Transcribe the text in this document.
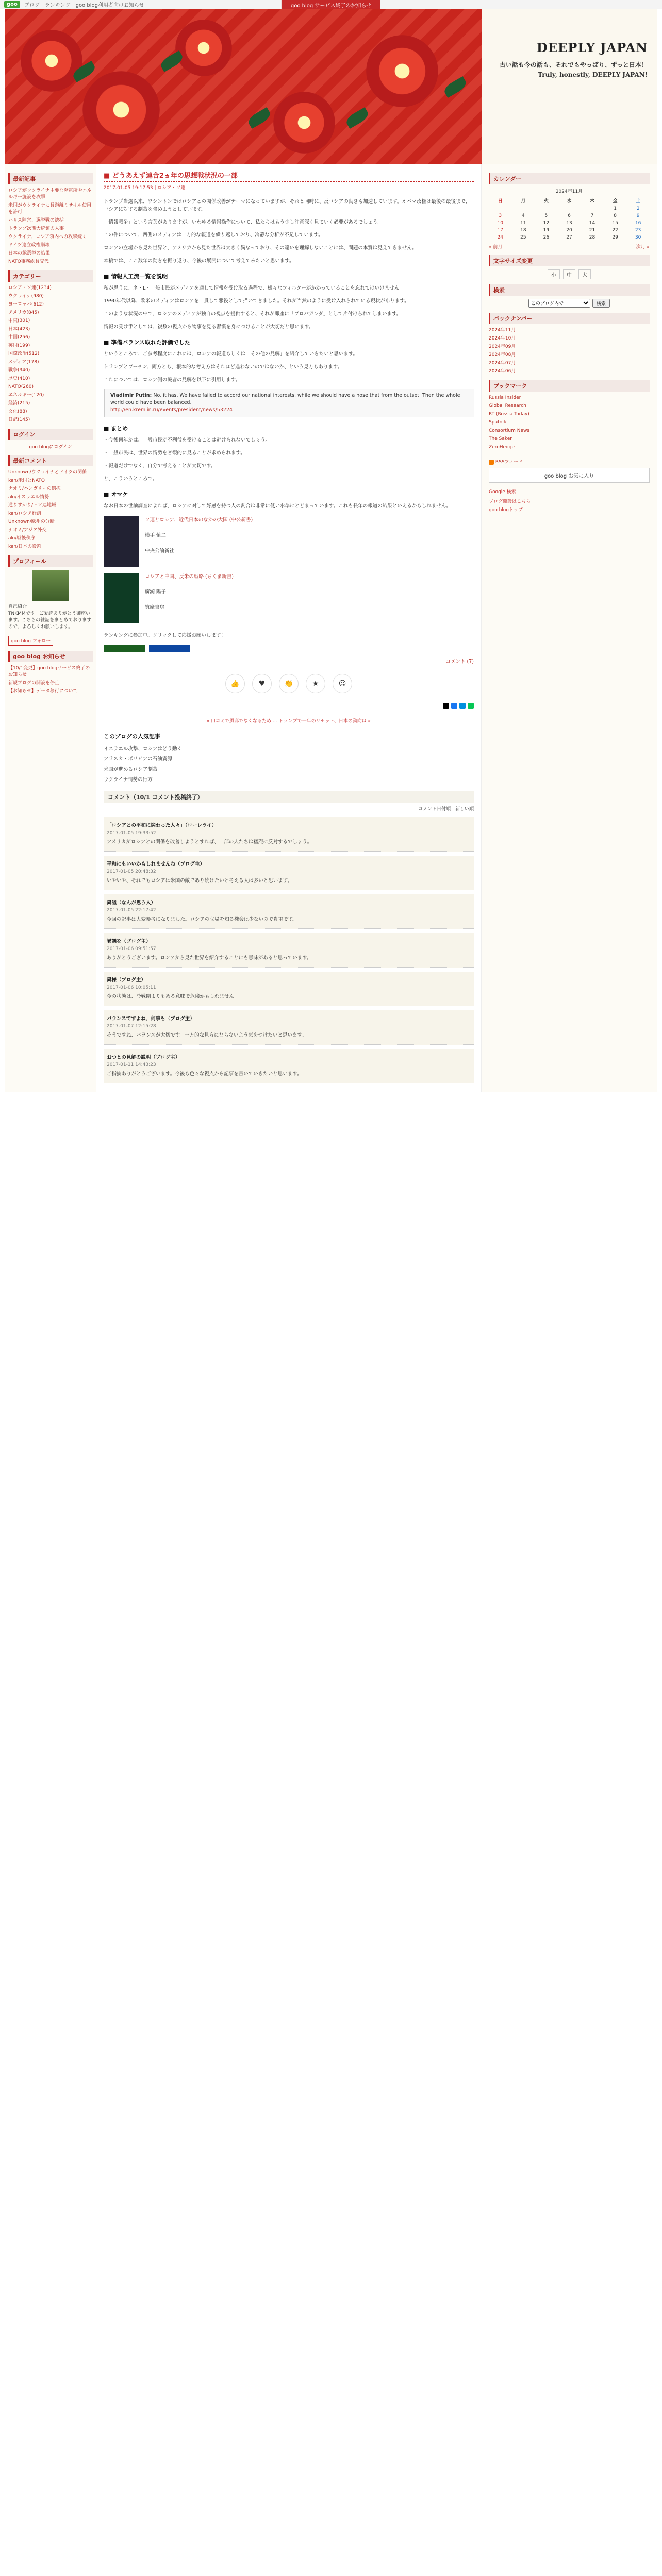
goo	ブログ　ランキング　goo blog利用者向けお知らせ	goo blog サービス終了のお知らせ
DEEPLY JAPAN

古い話も今の話も、それでもやっぱり、ずっと日本！

Truly, honestly, DEEPLY JAPAN!

最新記事
ロシアがウクライナ主要な発電所やエネルギー施設を攻撃
米国がウクライナに長距離ミサイル使用を許可
ハリス陣営、選挙戦の総括
トランプ次期大統領の人事
ウクライナ、ロシア領内への攻撃続く
ドイツ連立政権崩壊
日本の総選挙の結果
NATO事務総長交代
カテゴリー
ロシア・ソ連(1234)
ウクライナ(980)
ヨーロッパ(612)
アメリカ(845)
中東(301)
日本(423)
中国(256)
英国(199)
国際政治(512)
メディア(178)
戦争(340)
歴史(410)
NATO(260)
エネルギー(120)
経済(215)
文化(88)
日記(145)
ログイン
goo blogにログイン
最新コメント
Unknown/ウクライナとドイツの関係
ken/米国とNATO
ナオミ/ハンガリーの選択
aki/イスラエル情勢
通りすがり/旧ソ連地域
ken/ロシア経済
Unknown/欧州の分断
ナオミ/アジア外交
aki/戦後秩序
ken/日本の役割
プロフィール

自己紹介
TNKMMです。ご愛読ありがとう御座います。こちらの雑誌をまとめておりますので、よろしくお願いします。

goo blog フォロー
goo blog お知らせ
【10/1変更】goo blogサービス終了のお知らせ
新規ブログの開設を停止
【お知らせ】データ移行について
■ どうあえず連合2ヵ年の思想戦状況の一部
2017-01-05 19:17:53 | ロシア・ソ連

トランプ当選以来、ワシントンではロシアとの関係改善がテーマになっていますが、それと同時に、反ロシアの動きも加速しています。オバマ政権は最後の最後まで、ロシアに対する制裁を強めようとしています。

「情報戦争」という言葉がありますが、いわゆる情報操作について、私たちはもう少し注意深く見ていく必要があるでしょう。

この件について、西側のメディアは一方的な報道を繰り返しており、冷静な分析が不足しています。

ロシアの立場から見た世界と、アメリカから見た世界は大きく異なっており、その違いを理解しないことには、問題の本質は見えてきません。

本稿では、ここ数年の動きを振り返り、今後の展開について考えてみたいと思います。

■ 情報人工流一覧を説明

私が思うに、ネ・L・一般市民がメディアを通して情報を受け取る過程で、様々なフィルターがかかっていることを忘れてはいけません。

1990年代以降、欧米のメディアはロシアを一貫して悪役として描いてきました。それが当然のように受け入れられている現状があります。

このような状況の中で、ロシアのメディアが独自の視点を提供すると、それが即座に「プロパガンダ」として片付けられてしまいます。

情報の受け手としては、複数の視点から物事を見る習慣を身につけることが大切だと思います。

■ 準備バランス取れた評価でした

というところで、ご参考程度にこれには、ロシアの報道もしくは「その他の見解」を紹介していきたいと思います。

トランプとプーチン、両方とも、根本的な考え方はそれほど違わないのではないか、という見方もあります。

これについては、ロシア側の識者の見解を以下に引用します。

Vladimir Putin: No, it has. We have failed to accord our national interests, while we should have a nose that from the outset. Then the whole world could have been balanced.
http://en.kremlin.ru/events/president/news/53224
■ まとめ

・今後何年かは、一般市民が不利益を受けることは避けられないでしょう。

・一般市民は、世界の情勢を客観的に見ることが求められます。

・報道だけでなく、自分で考えることが大切です。

と、こういうところで。

■ オマケ

なお日本の世論調査によれば、ロシアに対して好感を持つ人の割合は非常に低い水準にとどまっています。これも長年の報道の結果といえるかもしれません。

ソ連とロシア、近代日本のなかの大国 (中公新書)

横手 慎二

中央公論新社
ロシアと中国、反米の戦略 (ちくま新書)

廣瀬 陽子

筑摩書房

ランキングに参加中。クリックして応援お願いします！

コメント (7)
👍	♥	👏	★	☺

« 口コミで風邪でなくなるため ... トランプで一年のリセット、日本の動向は »

このブログの人気記事
イスラエル攻撃、ロシアはどう動く
アラスカ・ボリビアの石油資源
米国が進めるロシア制裁
ウクライナ情勢の行方
コメント（10/1 コメント投稿終了）
コメント日付順　新しい順
「ロシアとの平和に関わった人々」（ローレライ）
2017-01-05 19:33:52
アメリカがロシアとの関係を改善しようとすれば、一部の人たちは猛烈に反対するでしょう。
平和にもいいかもしれませんね（ブログ主）
2017-01-05 20:48:32
いやいや、それでもロシアは米国の敵であり続けたいと考える人は多いと思います。
異議（なんが思う人）
2017-01-05 22:17:42
今回の記事は大変参考になりました。ロシアの立場を知る機会は少ないので貴重です。
異議を（ブログ主）
2017-01-06 09:51:57
ありがとうございます。ロシアから見た世界を紹介することにも意味があると思っています。
異様（ブログ主）
2017-01-06 10:05:11
今の状態は、冷戦期よりもある意味で危険かもしれません。
バランスですよね、何事も（ブログ主）
2017-01-07 12:15:28
そうですね、バランスが大切です。一方的な見方にならないよう気をつけたいと思います。
おつとの見解の説明（ブログ主）
2017-01-11 14:43:23
ご指摘ありがとうございます。今後も色々な視点から記事を書いていきたいと思います。
カレンダー
2024年11月
日	月	火	水	木	金	土
					1	2
3	4	5	6	7	8	9
10	11	12	13	14	15	16
17	18	19	20	21	22	23
24	25	26	27	28	29	30
« 前月	次月 »
文字サイズ変更
小	中	大
検索
このブログ内で
検索
バックナンバー
2024年11月
2024年10月
2024年09月
2024年08月
2024年07月
2024年06月
ブックマーク
Russia Insider
Global Research
RT (Russia Today)
Sputnik
Consortium News
The Saker
ZeroHedge
RSSフィード
goo blog お気に入り
Google 検索
ブログ開設はこちら
goo blogトップ
